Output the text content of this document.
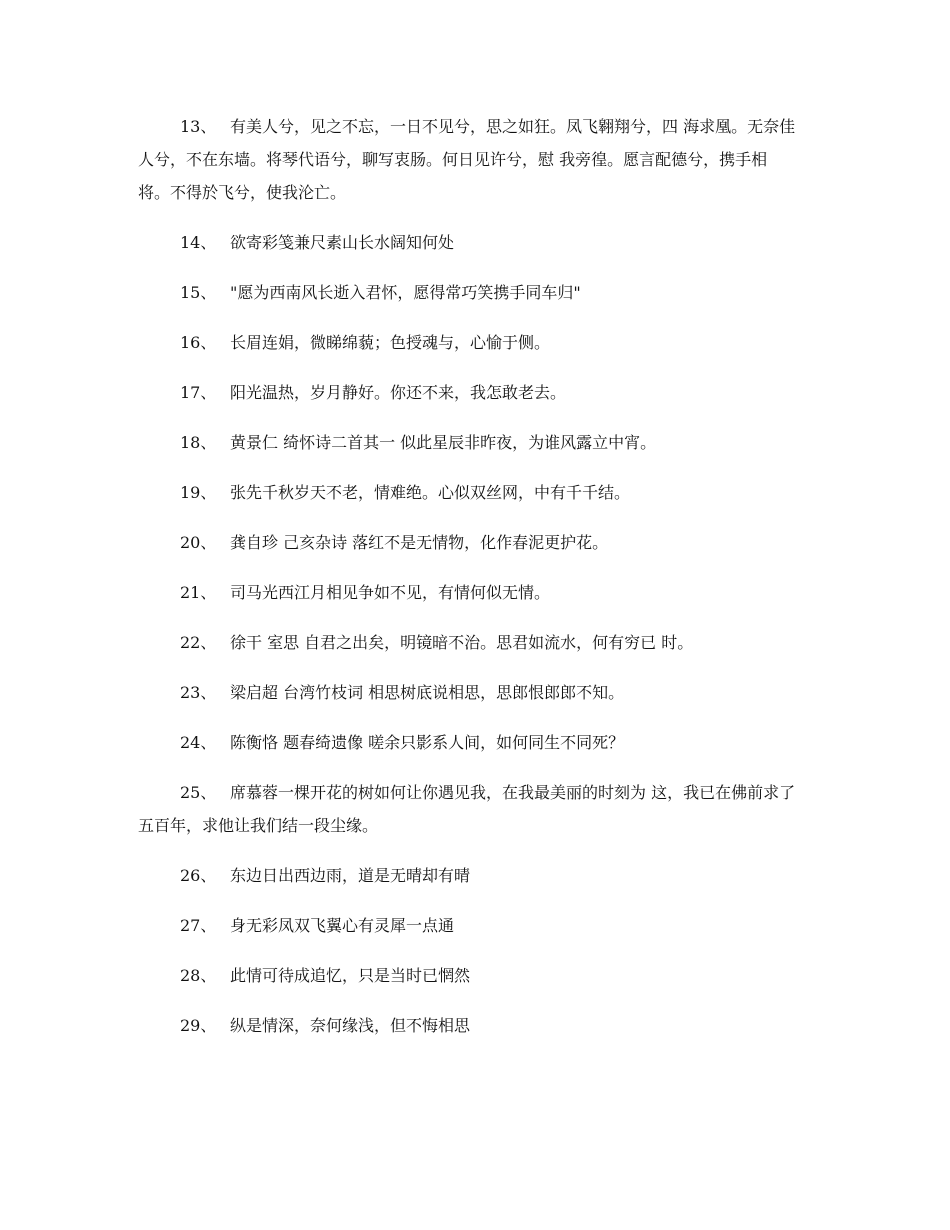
13、 有美人兮，见之不忘，一日不见兮，思之如狂。凤飞翱翔兮，四 海求凰。无奈佳人兮，不在东墙。将琴代语兮，聊写衷肠。何日见许兮，慰 我旁徨。愿言配德兮，携手相将。不得於飞兮，使我沦亡。

14、 欲寄彩笺兼尺素山长水阔知何处

15、 "愿为西南风长逝入君怀，愿得常巧笑携手同车归"

16、 长眉连娟，微睇绵藐；色授魂与，心愉于侧。

17、 阳光温热，岁月静好。你还不来，我怎敢老去。

18、 黄景仁 绮怀诗二首其一 似此星辰非昨夜，为谁风露立中宵。

19、 张先千秋岁天不老，情难绝。心似双丝网，中有千千结。

20、 龚自珍 己亥杂诗 落红不是无情物，化作春泥更护花。

21、 司马光西江月相见争如不见，有情何似无情。

22、 徐干 室思 自君之出矣，明镜暗不治。思君如流水，何有穷已 时。

23、 梁启超 台湾竹枝词 相思树底说相思，思郎恨郎郎不知。

24、 陈衡恪 题春绮遗像 嗟余只影系人间，如何同生不同死？

25、 席慕蓉一棵开花的树如何让你遇见我，在我最美丽的时刻为 这，我已在佛前求了五百年，求他让我们结一段尘缘。

26、 东边日出西边雨，道是无晴却有晴

27、 身无彩凤双飞翼心有灵犀一点通

28、 此情可待成追忆，只是当时已惘然

29、 纵是情深，奈何缘浅，但不悔相思
